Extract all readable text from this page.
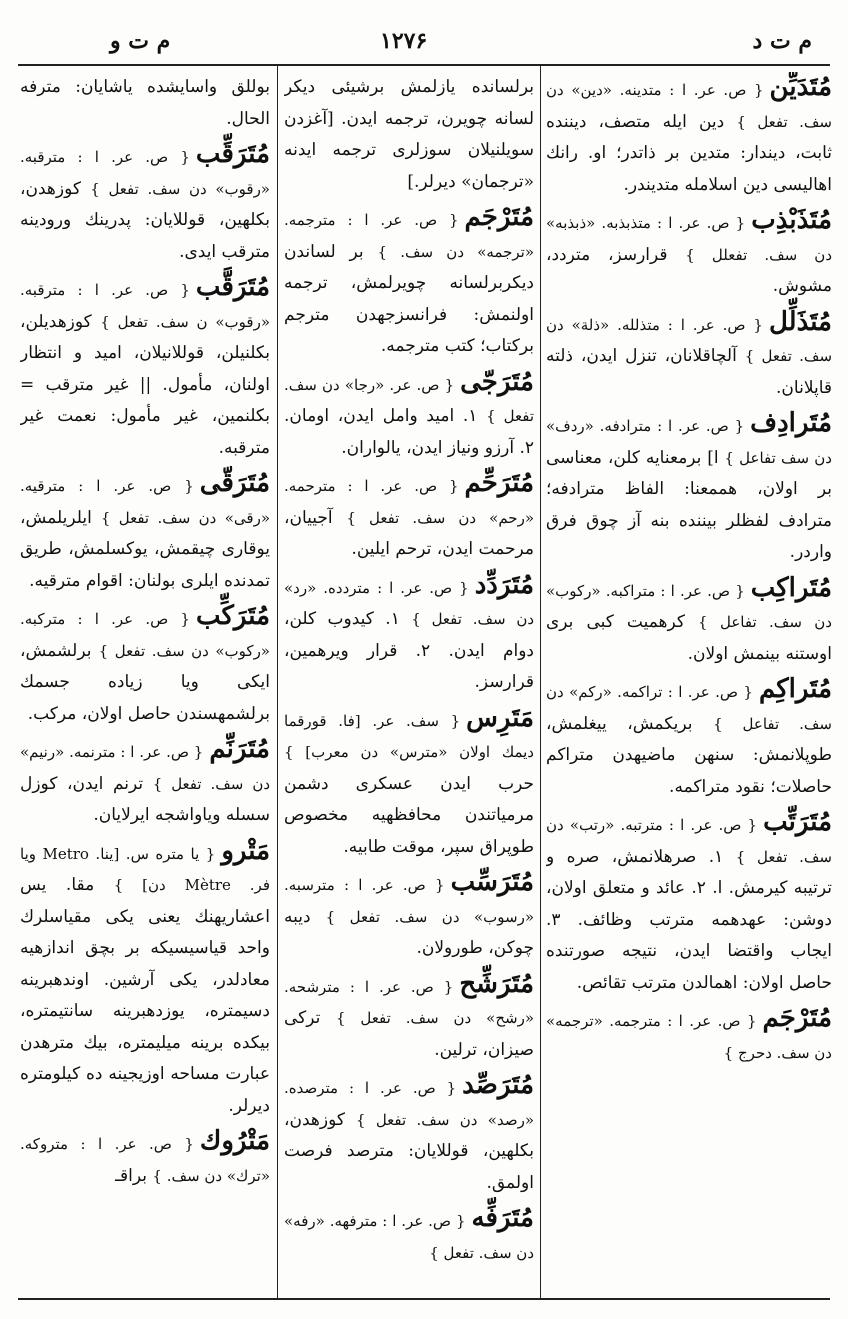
م ت د
۱۲۷۶
م ت و

مُتَدَيِّن{ ص. عر. ا : متدینه. «دین» دن سف. تفعل } دین ایله متصف، دیننده ثابت، دیندار: متدین بر ذاتدر؛ او. رانك اهالیسی دین اسلامله متدیندر.

مُتَذَبْذِب{ ص. عر. ا : متذبذبه. «ذبذبه» دن سف. تفعلل } قرارسز، متردد، مشوش.

مُتَذَلِّل{ ص. عر. ا : متذلله. «ذلة» دن سف. تفعل } آلچاقلانان، تنزل ایدن، ذلته قاپلانان.

مُتَرادِف{ ص. عر. ا : مترادفه. «ردف» دن سف تفاعل } ا] برمعنایه کلن، معناسی بر اولان، هممعنا: الفاظ مترادفه؛ مترادف لفظلر بیننده بنه آز چوق فرق واردر.

مُتَراکِب{ ص. عر. ا : متراکبه. «رکوب» دن سف. تفاعل } کرهمیت کبی بری اوستنه بینمش اولان.

مُتَراکِم{ ص. عر. ا : تراکمه. «رکم» دن سف. تفاعل } بریکمش، ییغلمش، طوپلانمش: سنهن ماضیهدن متراکم حاصلات؛ نقود متراکمه.

مُتَرَتِّب{ ص. عر. ا : مترتبه. «رتب» دن سف. تفعل } ۱. صرهلانمش، صره و ترتیبه کیرمش. ا. ۲. عائد و متعلق اولان، دوشن: عهدهمه مترتب وظائف. ۳. ایجاب واقتضا ایدن، نتیجه صورتنده حاصل اولان: اهمالدن مترتب تقائص.

مُتَرْجَم{ ص. عر. ا : مترجمه. «ترجمه» دن سف. دحرج }

برلسانده یازلمش برشیئی دیکر لسانه چویرن، ترجمه ایدن. [آغزدن سویلنیلان سوزلری ترجمه ایدنه «ترجمان» دیرلر.]

مُتَرْجَم{ ص. عر. ا : مترجمه. «ترجمه» دن سف. } بر لساندن دیکربرلسانه چویرلمش، ترجمه اولنمش: فرانسزجهدن مترجم برکتاب؛ کتب مترجمه.

مُتَرَجّی{ ص. عر. «رجا» دن سف. تفعل } ۱. امید وامل ایدن، اومان. ۲. آرزو ونیاز ایدن، یالواران.

مُتَرَحِّم{ ص. عر. ا : مترحمه. «رحم» دن سف. تفعل } آجییان، مرحمت ایدن، ترحم ایلین.

مُتَرَدِّد{ ص. عر. ا : متردده. «رد» دن سف. تفعل } ۱. کیدوب کلن، دوام ایدن. ۲. قرار ویرهمین، قرارسز.

مَتَرِس{ سف. عر. [فا. قورقما دیمك اولان «مترس» دن معرب] } حرب ایدن عسکری دشمن مرمیاتندن محافظهیه مخصوص طوپراق سپر، موقت طابیه.

مُتَرَسِّب{ ص. عر. ا : مترسبه. «رسوب» دن سف. تفعل } دیبه چوکن، طورولان.

مُتَرَشِّح{ ص. عر. ا : مترشحه. «رشح» دن سف. تفعل } ترکی صیزان، ترلین.

مُتَرَصِّد{ ص. عر. ا : مترصده. «رصد» دن سف. تفعل } کوزهدن، بکلهین، قوللایان: مترصد فرصت اولمق.

مُتَرَفِّه{ ص. عر. ا : مترفهه. «رفه» دن سف. تفعل }

بوللق واسایشده یاشایان: مترفه الحال.

مُتَرَقِّب{ ص. عر. ا : مترقبه. «رقوب» دن سف. تفعل } کوزهدن، بکلهین، قوللایان: پدرینك ورودینه مترقب ایدی.

مُتَرَقَّب{ ص. عر. ا : مترقبه. «رقوب» ن سف. تفعل } کوزهدیلن، بکلنیلن، قوللانیلان، امید و انتظار اولنان، مأمول. || غیر مترقب = بکلنمین، غیر مأمول: نعمت غیر مترقبه.

مُتَرَقّی{ ص. عر. ا : مترقیه. «رقی» دن سف. تفعل } ایلریلمش، یوقاری چیقمش، یوکسلمش، طریق تمدنده ایلری بولنان: اقوام مترقیه.

مُتَرَکِّب{ ص. عر. ا : مترکبه. «رکوب» دن سف. تفعل } برلشمش، ایکی ویا زیاده جسمك برلشمهسندن حاصل اولان، مرکب.

مُتَرَنِّم{ ص. عر. ا : مترنمه. «رنیم» دن سف. تفعل } ترنم ایدن، کوزل سسله ویاواشجه ایرلایان.

مَتْرو{ یا متره س. [ینا. Metro ویا فر. Mètre دن] } مقا. یس اعشاریهنك یعنی یکی مقیاسلرك واحد قیاسیسیکه بر بچق اندازهیه معادلدر، یکی آرشین. اوندهبرینه دسیمتره، یوزدهبرینه سانتیمتره، بیکده برینه میلیمتره، بیك مترهدن عبارت مساحه اوزیجینه ده کیلومتره دیرلر.

مَتْرُوك{ ص. عر. ا : متروکه. «ترك» دن سف. } براقـ
